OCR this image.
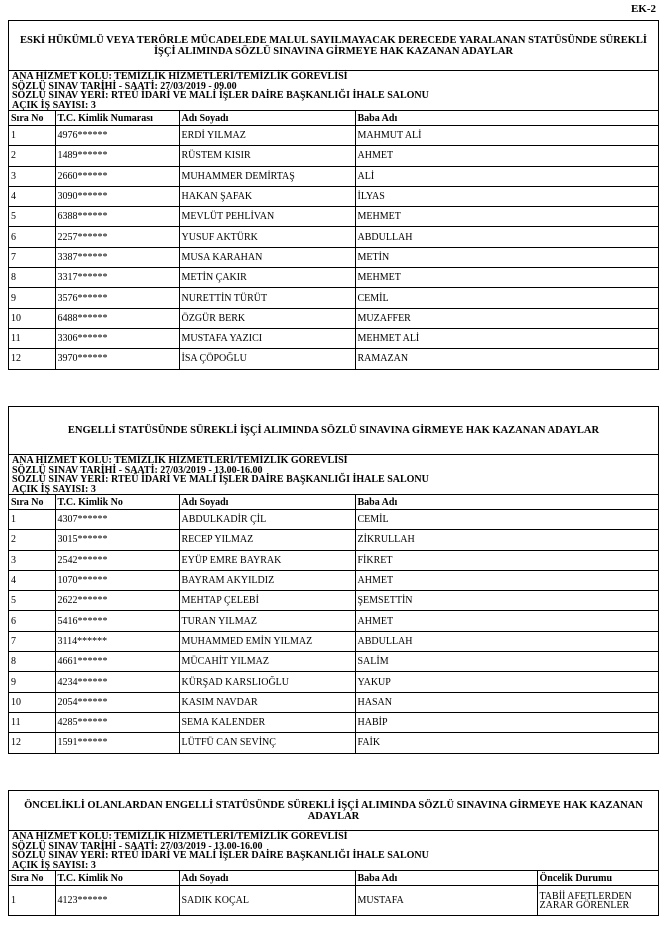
EK-2
ESKİ HÜKÜMLÜ VEYA TERÖRLE MÜCADELEDE MALUL SAYILMAYACAK DERECEDE YARALANAN STATÜSÜNDE SÜREKLİ İŞÇİ ALIMINDA SÖZLÜ SINAVINA GİRMEYE HAK KAZANAN ADAYLAR
ANA HİZMET KOLU: TEMİZLİK HİZMETLERİ/TEMİZLİK GÖREVLİSİ
SÖZLÜ SINAV TARİHİ - SAATİ: 27/03/2019 - 09.00
SÖZLÜ SINAV YERİ: RTEÜ İDARİ VE MALİ İŞLER DAİRE BAŞKANLIĞI İHALE SALONU
AÇIK İŞ SAYISI: 3
Sıra No	T.C. Kimlik Numarası	Adı Soyadı	Baba Adı
1	4976******	ERDİ YILMAZ	MAHMUT ALİ
2	1489******	RÜSTEM KISIR	AHMET
3	2660******	MUHAMMER DEMİRTAŞ	ALİ
4	3090******	HAKAN ŞAFAK	İLYAS
5	6388******	MEVLÜT PEHLİVAN	MEHMET
6	2257******	YUSUF AKTÜRK	ABDULLAH
7	3387******	MUSA KARAHAN	METİN
8	3317******	METİN ÇAKIR	MEHMET
9	3576******	NURETTİN TÜRÜT	CEMİL
10	6488******	ÖZGÜR BERK	MUZAFFER
11	3306******	MUSTAFA YAZICI	MEHMET ALİ
12	3970******	İSA ÇÖPOĞLU	RAMAZAN
ENGELLİ STATÜSÜNDE SÜREKLİ İŞÇİ ALIMINDA SÖZLÜ SINAVINA GİRMEYE HAK KAZANAN ADAYLAR
ANA HİZMET KOLU: TEMİZLİK HİZMETLERİ/TEMİZLİK GÖREVLİSİ
SÖZLÜ SINAV TARİHİ - SAATİ: 27/03/2019 - 13.00-16.00
SÖZLÜ SINAV YERİ: RTEÜ İDARİ VE MALİ İŞLER DAİRE BAŞKANLIĞI İHALE SALONU
AÇIK İŞ SAYISI: 3
Sıra No	T.C. Kimlik No	Adı Soyadı	Baba Adı
1	4307******	ABDULKADİR ÇİL	CEMİL
2	3015******	RECEP YILMAZ	ZİKRULLAH
3	2542******	EYÜP EMRE BAYRAK	FİKRET
4	1070******	BAYRAM AKYILDIZ	AHMET
5	2622******	MEHTAP ÇELEBİ	ŞEMSETTİN
6	5416******	TURAN YILMAZ	AHMET
7	3114******	MUHAMMED EMİN YILMAZ	ABDULLAH
8	4661******	MÜCAHİT YILMAZ	SALİM
9	4234******	KÜRŞAD KARSLIOĞLU	YAKUP
10	2054******	KASIM NAVDAR	HASAN
11	4285******	SEMA KALENDER	HABİP
12	1591******	LÜTFÜ CAN SEVİNÇ	FAİK
ÖNCELİKLİ OLANLARDAN ENGELLİ STATÜSÜNDE SÜREKLİ İŞÇİ ALIMINDA SÖZLÜ SINAVINA GİRMEYE HAK KAZANAN ADAYLAR
ANA HİZMET KOLU: TEMİZLİK HİZMETLERİ/TEMİZLİK GÖREVLİSİ
SÖZLÜ SINAV TARİHİ - SAATİ: 27/03/2019 - 13.00-16.00
SÖZLÜ SINAV YERİ: RTEÜ İDARİ VE MALİ İŞLER DAİRE BAŞKANLIĞI İHALE SALONU
AÇIK İŞ SAYISI: 3
Sıra No	T.C. Kimlik No	Adı Soyadı	Baba Adı	Öncelik Durumu
1	4123******	SADIK KOÇAL	MUSTAFA	TABİİ AFETLERDEN ZARAR GÖRENLER
